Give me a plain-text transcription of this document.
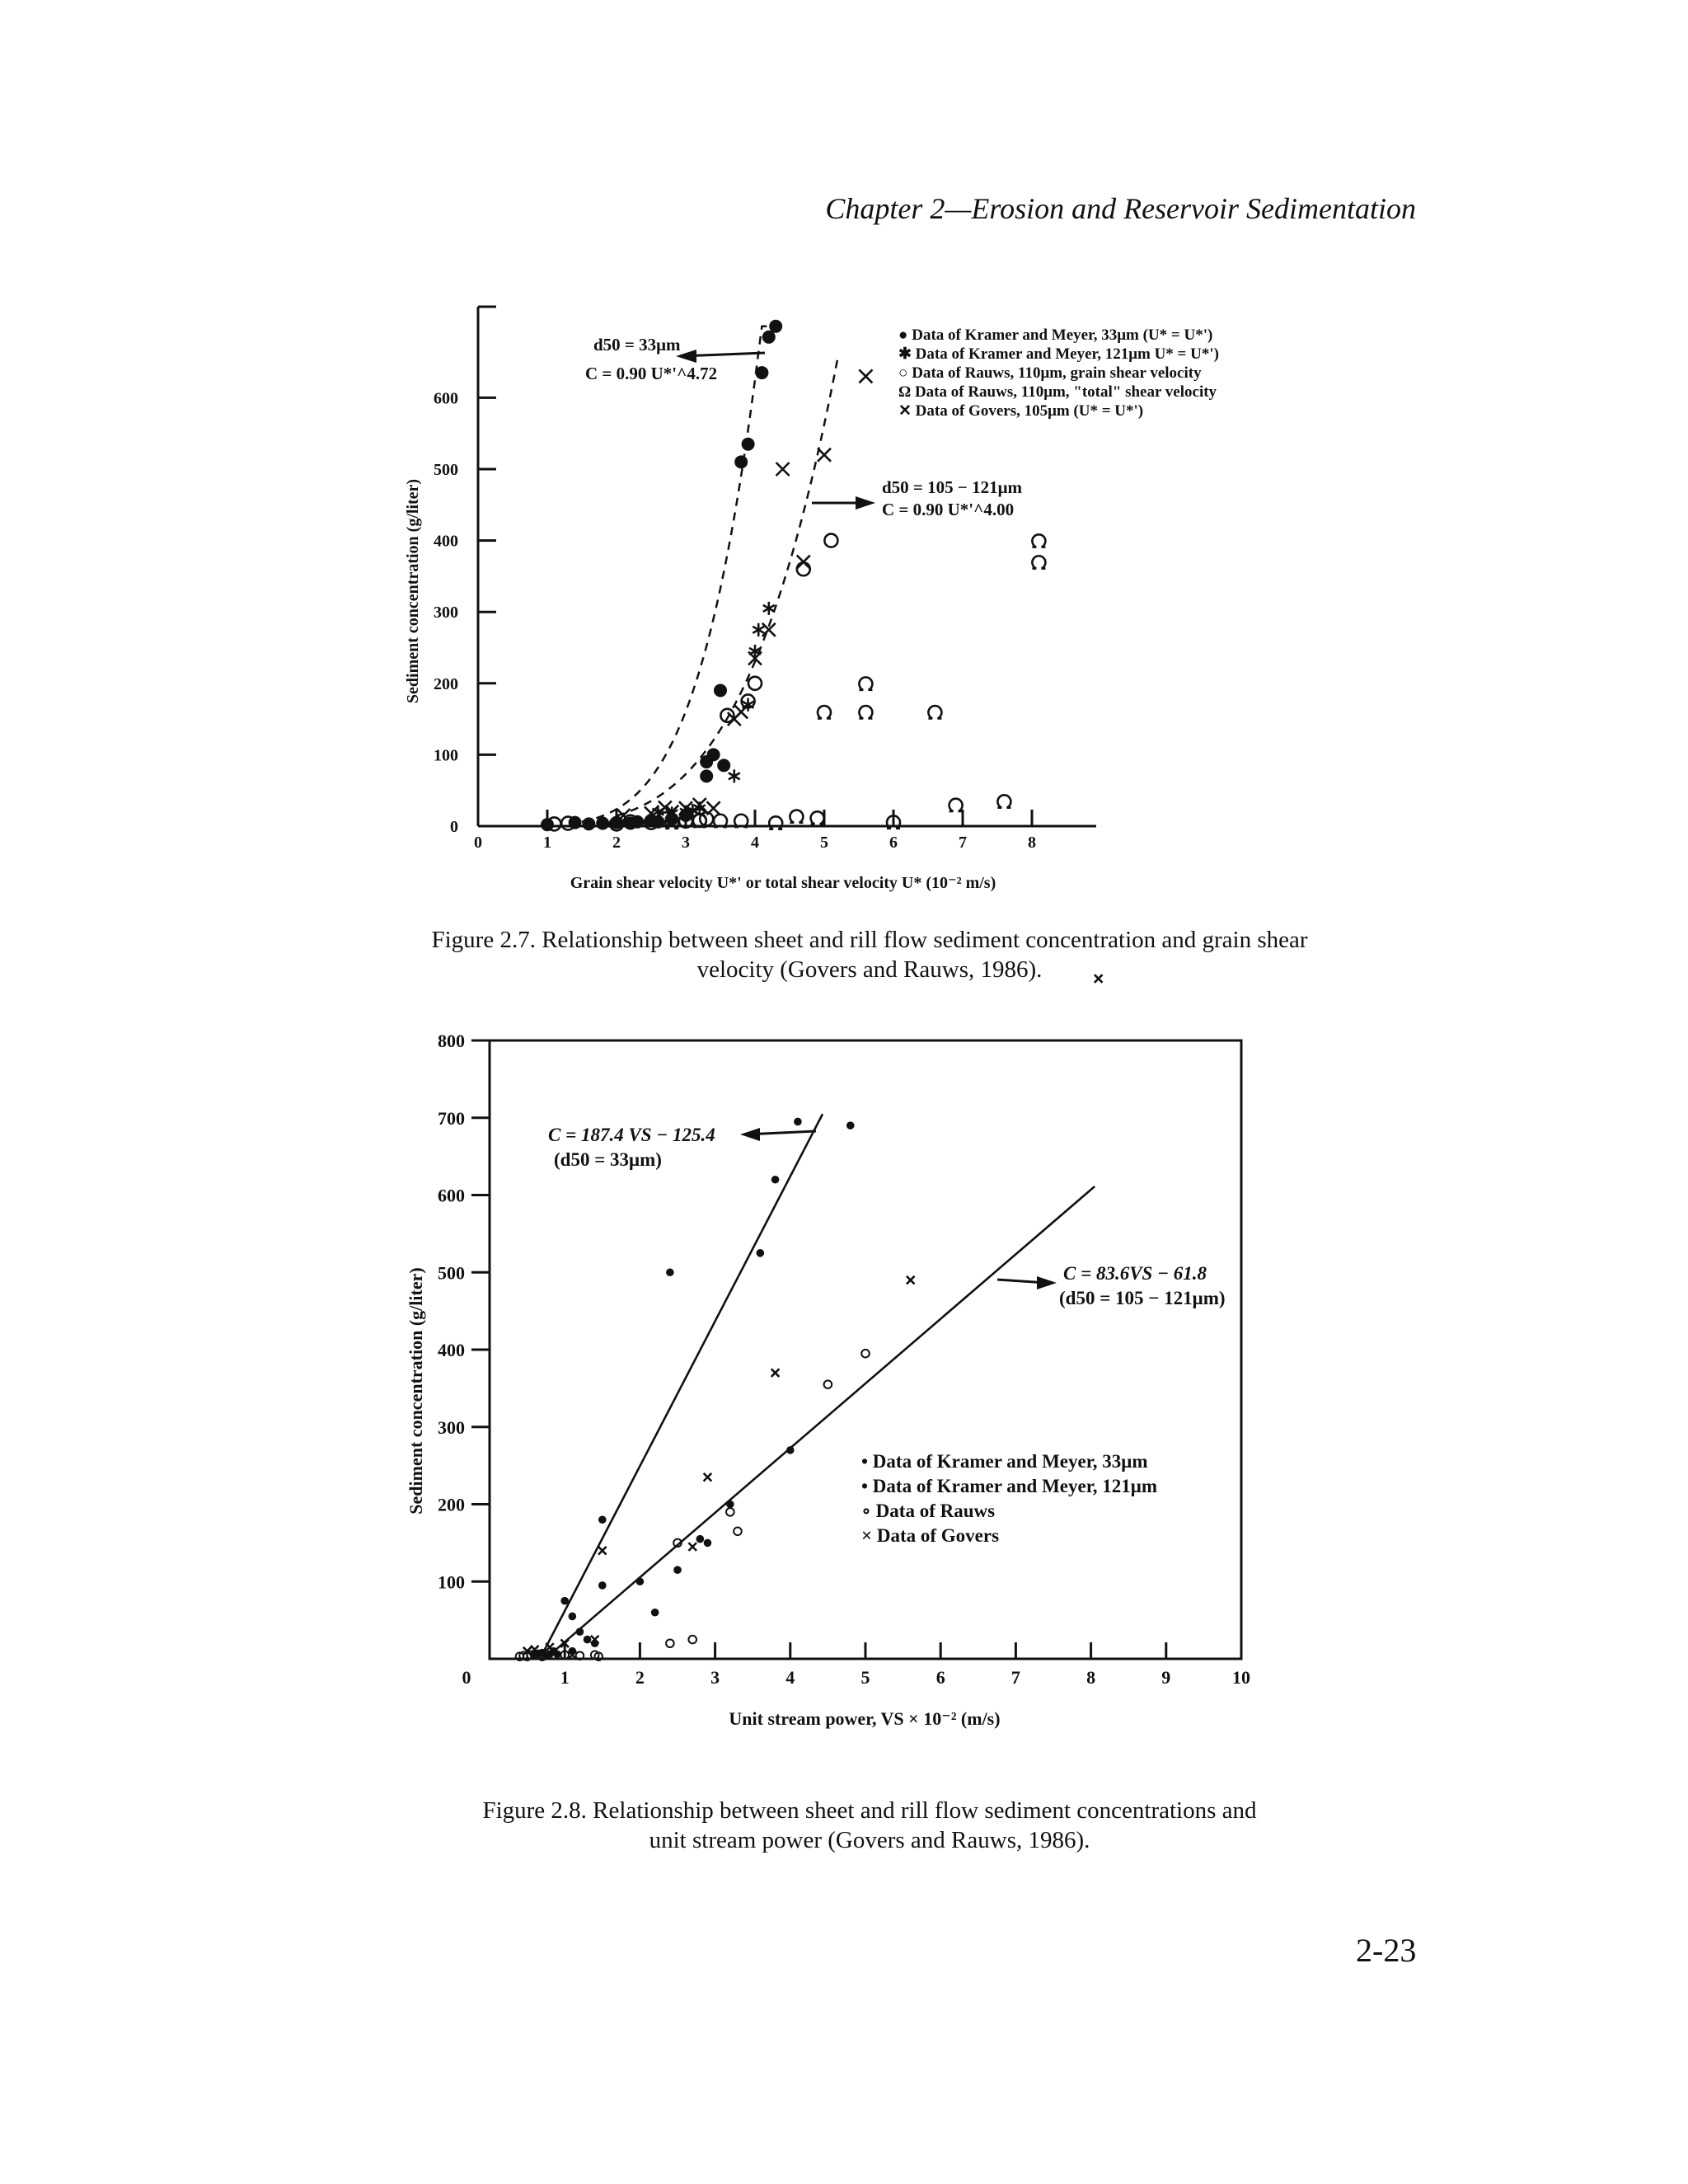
Chapter 2—Erosion and Reservoir Sedimentation
0
100
200
300
400
500
600
0	1	2	3	4	5	6	7	8
Grain shear velocity U*' or total shear velocity U* (10⁻² m/s)
Sediment concentration (g/liter)
● Data of Kramer and Meyer, 33μm (U* = U*')
✱ Data of Kramer and Meyer, 121μm U* = U*')
○ Data of Rauws, 110μm, grain shear velocity
Ω Data of Rauws, 110μm, "total" shear velocity
✕ Data of Govers, 105μm (U* = U*')
d50 = 33μm
C = 0.90 U*'^4.72
d50 = 105 − 121μm
C = 0.90 U*'^4.00
0
100
200
300
400
500
600
700
800
1	2	3	4	5	6	7	8	9	10
Unit stream power, VS × 10⁻² (m/s)
Sediment concentration (g/liter)	• Data of Kramer and Meyer, 33μm
• Data of Kramer and Meyer, 121μm
∘ Data of Rauws
× Data of Govers
C = 187.4 VS − 125.4
(d50 = 33μm)
C = 83.6VS − 61.8
(d50 = 105 − 121μm)
Figure 2.7. Relationship between sheet and rill flow sediment concentration and grain shear
velocity (Govers and Rauws, 1986).
Figure 2.8. Relationship between sheet and rill flow sediment concentrations and
unit stream power (Govers and Rauws, 1986).
2-23
